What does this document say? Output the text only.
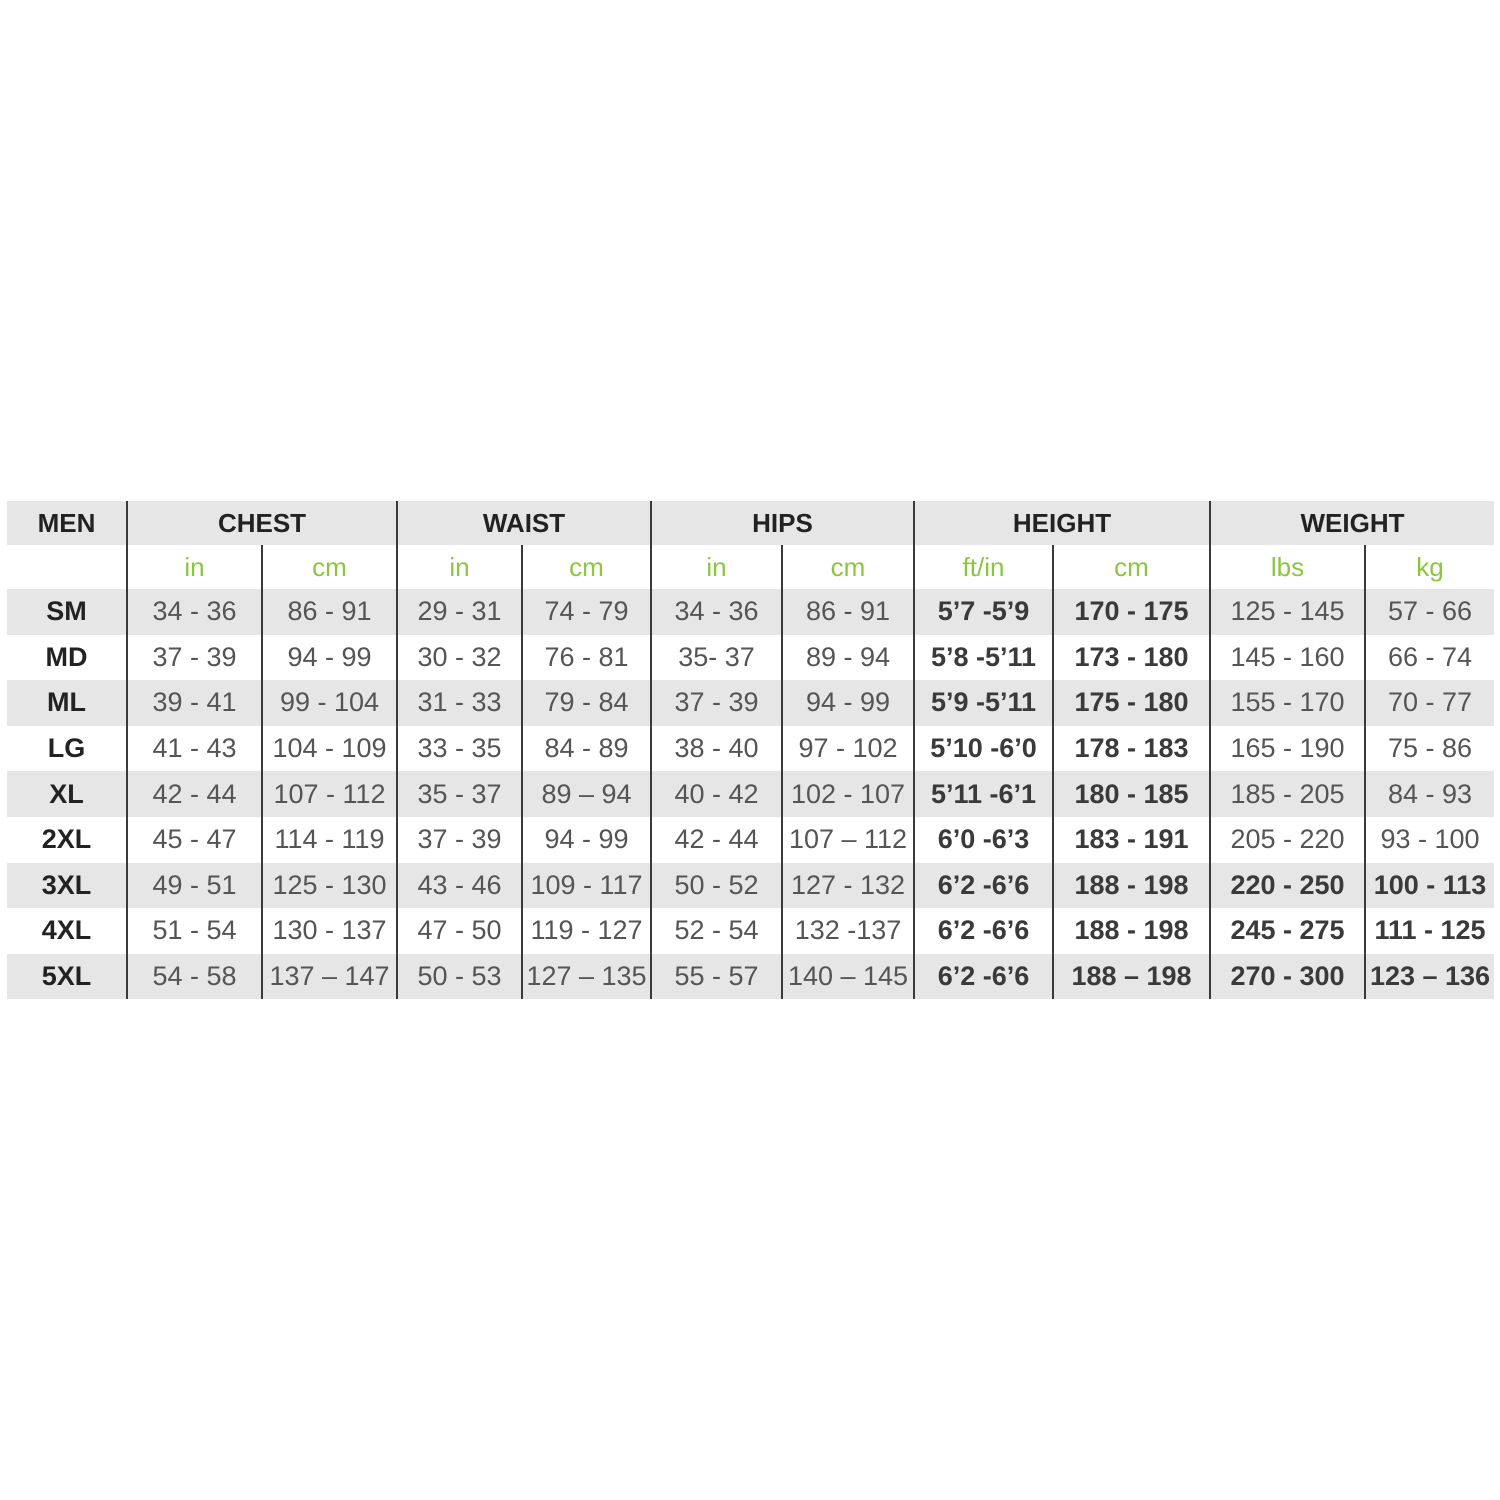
MEN	CHEST		WAIST		HIPS		HEIGHT		WEIGHT	
	in	cm	in	cm	in	cm	ft/in	cm	lbs	kg
SM	34 - 36	86 - 91	29 - 31	74 - 79	34 - 36	86 - 91	5’7 -5’9	170 - 175	125 - 145	57 - 66
MD	37 - 39	94 - 99	30 - 32	76 - 81	35- 37	89 - 94	5’8 -5’11	173 - 180	145 - 160	66 - 74
ML	39 - 41	99 - 104	31 - 33	79 - 84	37 - 39	94 - 99	5’9 -5’11	175 - 180	155 - 170	70 - 77
LG	41 - 43	104 - 109	33 - 35	84 - 89	38 - 40	97 - 102	5’10 -6’0	178 - 183	165 - 190	75 - 86
XL	42 - 44	107 - 112	35 - 37	89 – 94	40 - 42	102 - 107	5’11 -6’1	180 - 185	185 - 205	84 - 93
2XL	45 - 47	114 - 119	37 - 39	94 - 99	42 - 44	107 – 112	6’0 -6’3	183 - 191	205 - 220	93 - 100
3XL	49 - 51	125 - 130	43 - 46	109 - 117	50 - 52	127 - 132	6’2 -6’6	188 - 198	220 - 250	100 - 113
4XL	51 - 54	130 - 137	47 - 50	119 - 127	52 - 54	132 -137	6’2 -6’6	188 - 198	245 - 275	111 - 125
5XL	54 - 58	137 – 147	50 - 53	127 – 135	55 - 57	140 – 145	6’2 -6’6	188 – 198	270 - 300	123 – 136
